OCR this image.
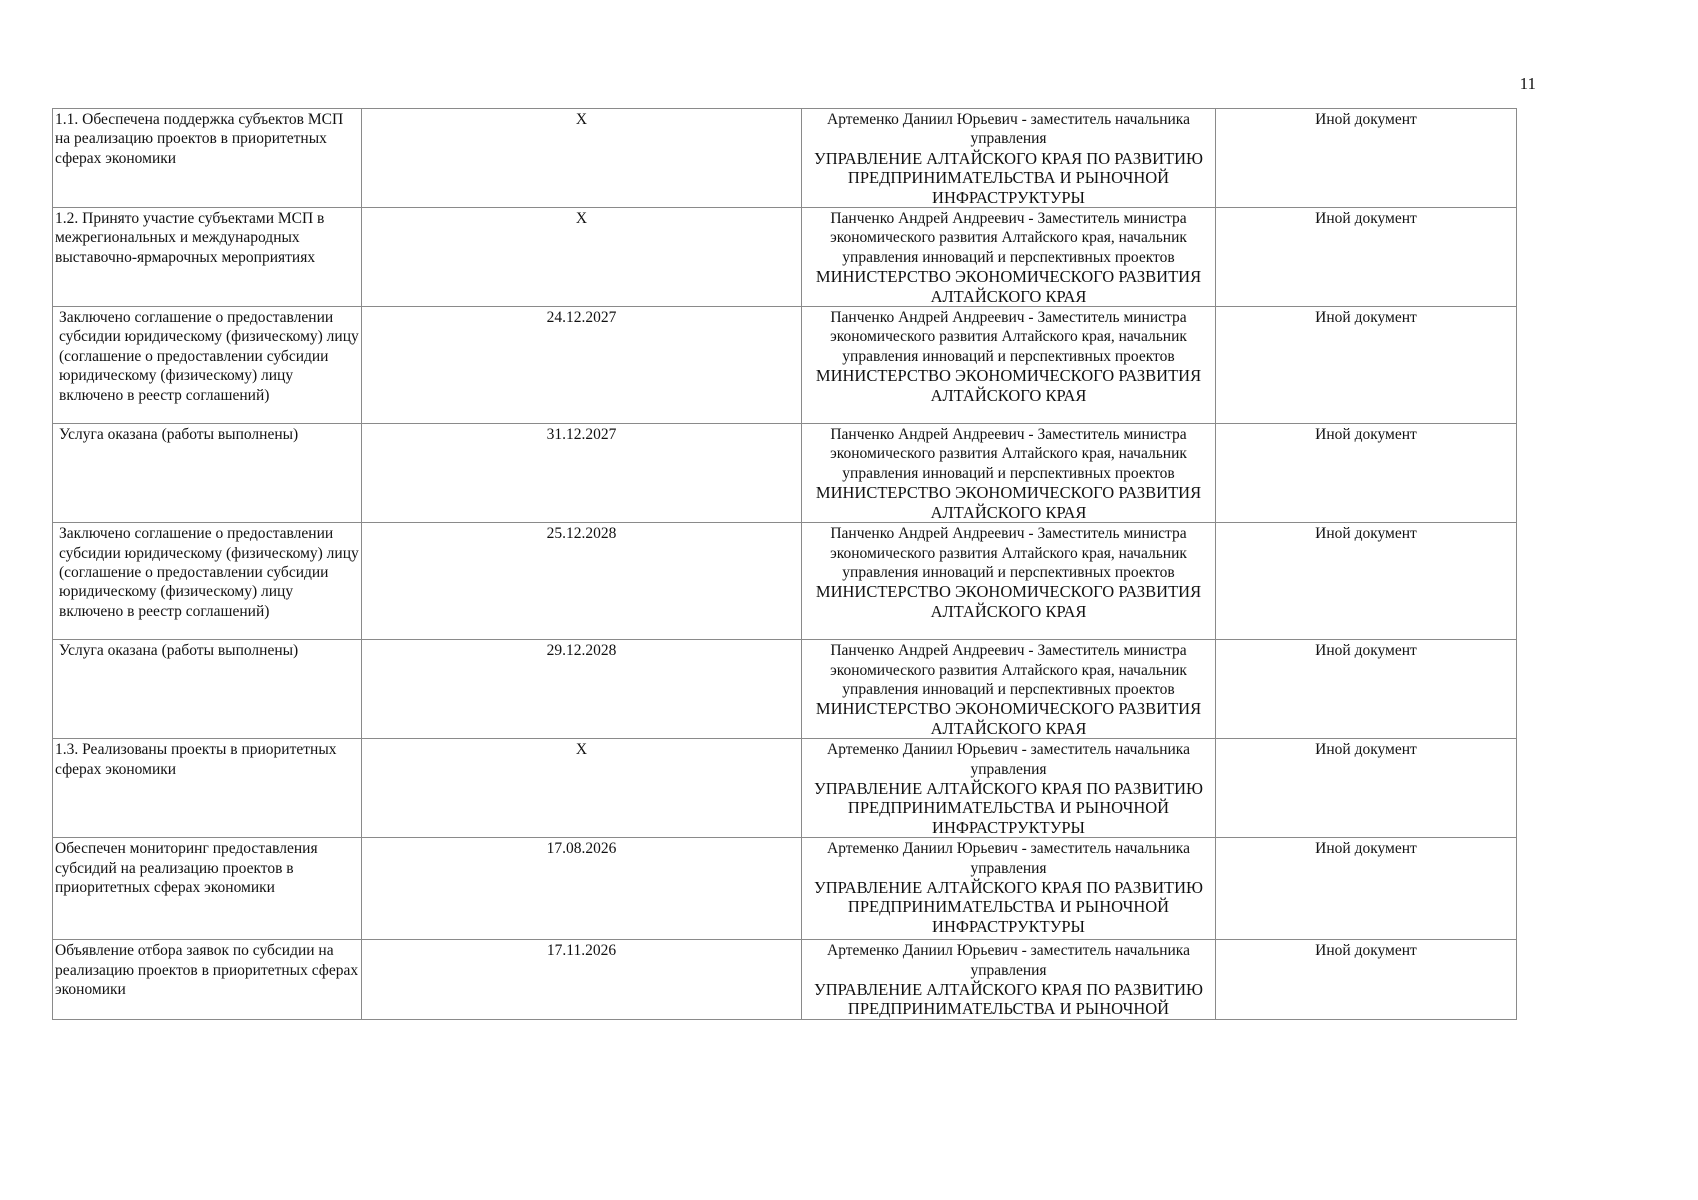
11
1.1. Обеспечена поддержка субъектов МСП на реализацию проектов в приоритетных сферах экономики	X	Артеменко Даниил Юрьевич - заместитель начальника управления
УПРАВЛЕНИЕ АЛТАЙСКОГО КРАЯ ПО РАЗВИТИЮ ПРЕДПРИНИМАТЕЛЬСТВА И РЫНОЧНОЙ ИНФРАСТРУКТУРЫ	Иной документ
1.2. Принято участие субъектами МСП в межрегиональных и международных выставочно-ярмарочных мероприятиях	X	Панченко Андрей Андреевич - Заместитель министра экономического развития Алтайского края, начальник управления инноваций и перспективных проектов
МИНИСТЕРСТВО ЭКОНОМИЧЕСКОГО РАЗВИТИЯ АЛТАЙСКОГО КРАЯ	Иной документ
Заключено соглашение о предоставлении субсидии юридическому (физическому) лицу (соглашение о предоставлении субсидии юридическому (физическому) лицу включено в реестр соглашений)	24.12.2027	Панченко Андрей Андреевич - Заместитель министра экономического развития Алтайского края, начальник управления инноваций и перспективных проектов
МИНИСТЕРСТВО ЭКОНОМИЧЕСКОГО РАЗВИТИЯ АЛТАЙСКОГО КРАЯ	Иной документ
Услуга оказана (работы выполнены)	31.12.2027	Панченко Андрей Андреевич - Заместитель министра экономического развития Алтайского края, начальник управления инноваций и перспективных проектов
МИНИСТЕРСТВО ЭКОНОМИЧЕСКОГО РАЗВИТИЯ АЛТАЙСКОГО КРАЯ	Иной документ
Заключено соглашение о предоставлении субсидии юридическому (физическому) лицу (соглашение о предоставлении субсидии юридическому (физическому) лицу включено в реестр соглашений)	25.12.2028	Панченко Андрей Андреевич - Заместитель министра экономического развития Алтайского края, начальник управления инноваций и перспективных проектов
МИНИСТЕРСТВО ЭКОНОМИЧЕСКОГО РАЗВИТИЯ АЛТАЙСКОГО КРАЯ	Иной документ
Услуга оказана (работы выполнены)	29.12.2028	Панченко Андрей Андреевич - Заместитель министра экономического развития Алтайского края, начальник управления инноваций и перспективных проектов
МИНИСТЕРСТВО ЭКОНОМИЧЕСКОГО РАЗВИТИЯ АЛТАЙСКОГО КРАЯ	Иной документ
1.3. Реализованы проекты в приоритетных сферах экономики	X	Артеменко Даниил Юрьевич - заместитель начальника управления
УПРАВЛЕНИЕ АЛТАЙСКОГО КРАЯ ПО РАЗВИТИЮ ПРЕДПРИНИМАТЕЛЬСТВА И РЫНОЧНОЙ ИНФРАСТРУКТУРЫ	Иной документ
Обеспечен мониторинг предоставления субсидий на реализацию проектов в приоритетных сферах экономики	17.08.2026	Артеменко Даниил Юрьевич - заместитель начальника управления
УПРАВЛЕНИЕ АЛТАЙСКОГО КРАЯ ПО РАЗВИТИЮ ПРЕДПРИНИМАТЕЛЬСТВА И РЫНОЧНОЙ ИНФРАСТРУКТУРЫ	Иной документ
Объявление отбора заявок по субсидии на реализацию проектов в приоритетных сферах экономики	17.11.2026	Артеменко Даниил Юрьевич - заместитель начальника управления
УПРАВЛЕНИЕ АЛТАЙСКОГО КРАЯ ПО РАЗВИТИЮ ПРЕДПРИНИМАТЕЛЬСТВА И РЫНОЧНОЙ	Иной документ
